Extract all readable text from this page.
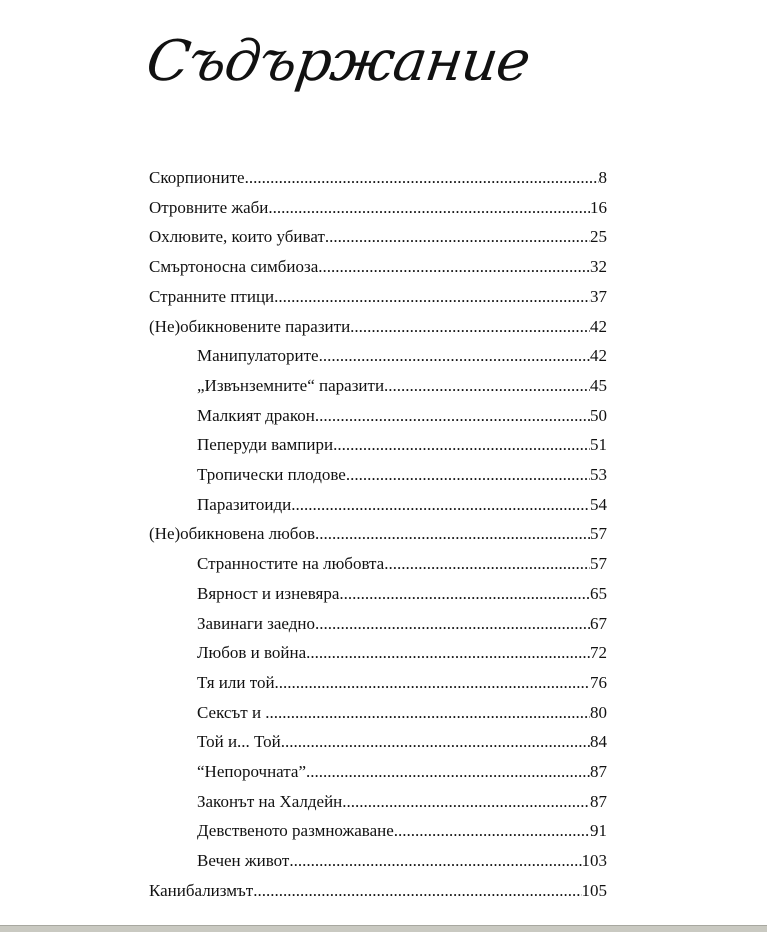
Съдържание
Скорпионите .....	8
Отровните жаби .....	16
Охлювите, които убиват .....	25
Смъртоносна симбиоза .....	32
Странните птици .....	37
(Не)обикновените паразити .....	42
Манипулаторите .....	42
„Извънземните“ паразити .....	45
Малкият дракон .....	50
Пеперуди вампири .....	51
Тропически плодове .....	53
Паразитоиди .....	54
(Не)обикновена любов .....	57
Странностите на любовта .....	57
Вярност и изневяра .....	65
Завинаги заедно .....	67
Любов и война .....	72
Тя или той .....	76
Сексът и ... .....	80
Той и... Той .....	84
“Непорочната” .....	87
Законът на Халдейн .....	87
Девственото размножаване .....	91
Вечен живот .....	103
Канибализмът .....	105
